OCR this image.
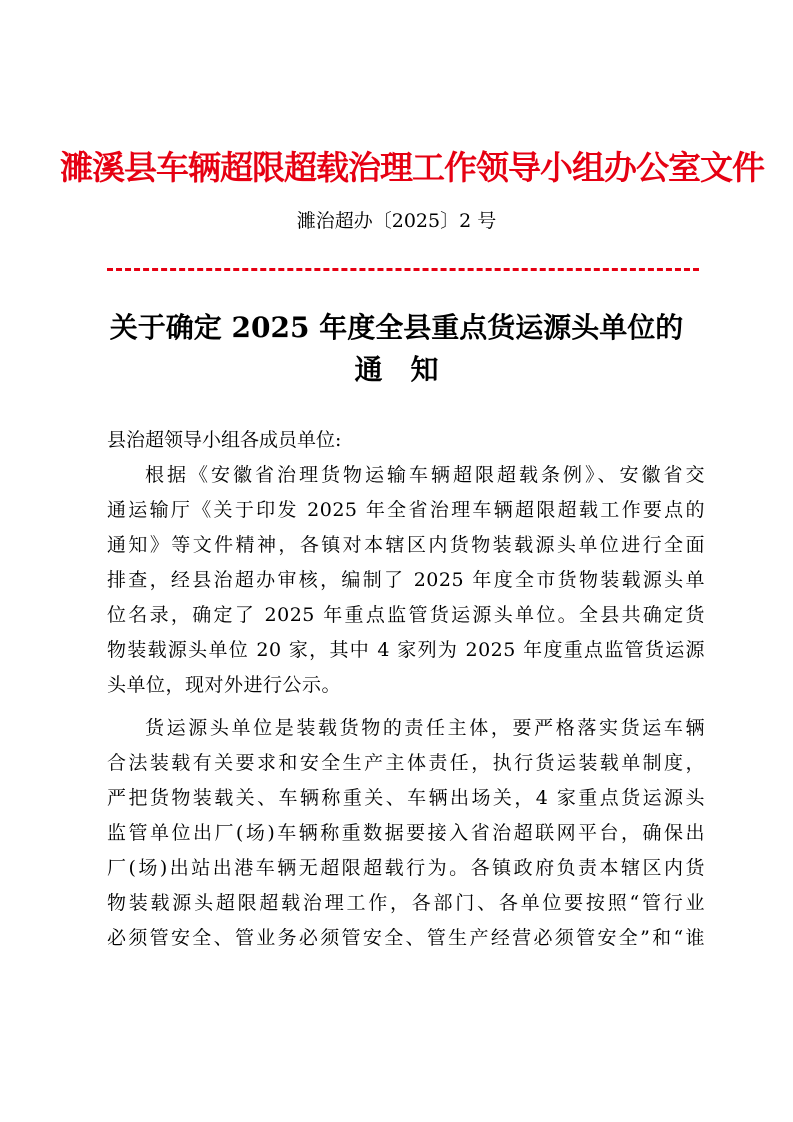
濉溪县车辆超限超载治理工作领导小组办公室文件
濉治超办〔2025〕2 号
关于确定 2025 年度全县重点货运源头单位的
通　知
县治超领导小组各成员单位:

根据《安徽省治理货物运输车辆超限超载条例》、安徽省交
通运输厅《关于印发 2025 年全省治理车辆超限超载工作要点的
通知》等文件精神，各镇对本辖区内货物装载源头单位进行全面
排查，经县治超办审核，编制了 2025 年度全市货物装载源头单
位名录，确定了 2025 年重点监管货运源头单位。全县共确定货
物装载源头单位 20 家，其中 4 家列为 2025 年度重点监管货运源
头单位，现对外进行公示。

货运源头单位是装载货物的责任主体，要严格落实货运车辆
合法装载有关要求和安全生产主体责任，执行货运装载单制度，
严把货物装载关、车辆称重关、车辆出场关，4 家重点货运源头
监管单位出厂(场)车辆称重数据要接入省治超联网平台，确保出
厂(场)出站出港车辆无超限超载行为。各镇政府负责本辖区内货
物装载源头超限超载治理工作，各部门、各单位要按照“管行业
必须管安全、管业务必须管安全、管生产经营必须管安全”和“谁
